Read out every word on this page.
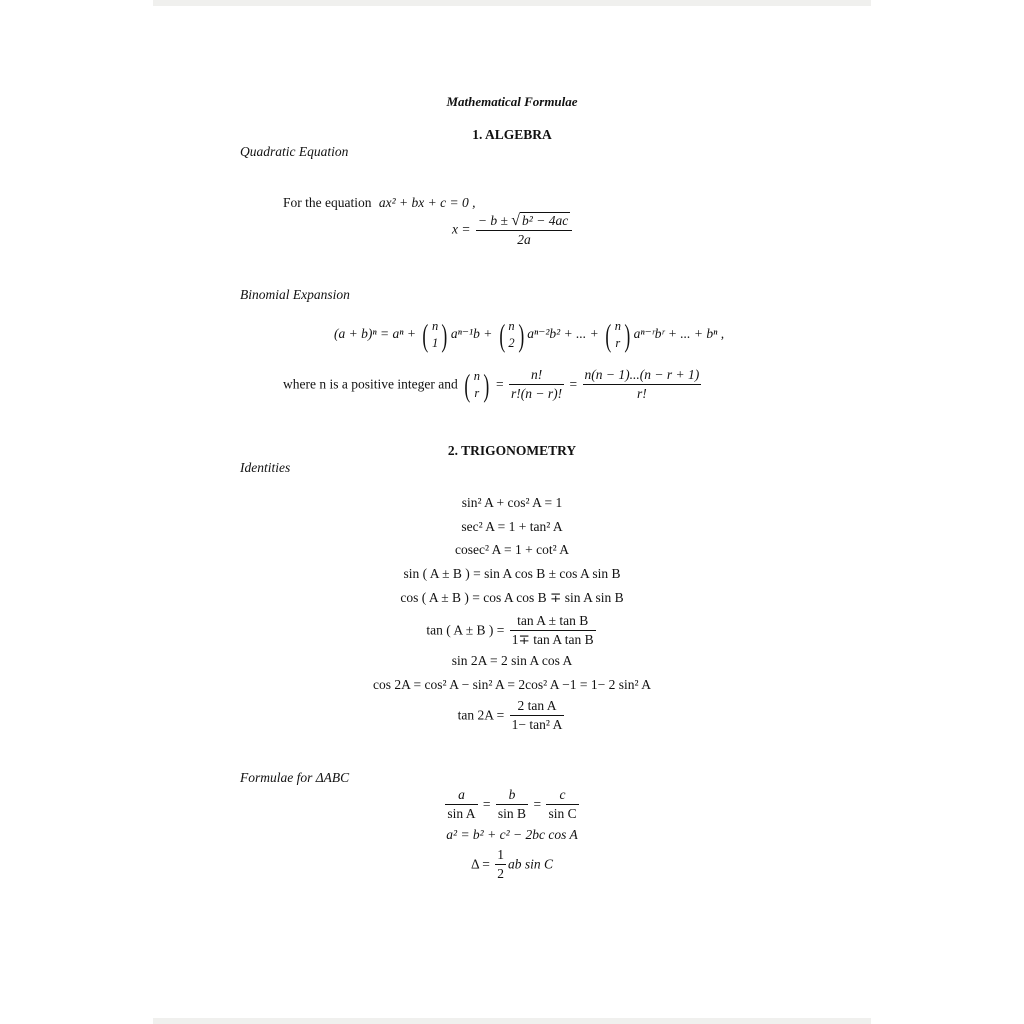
Mathematical Formulae
1. ALGEBRA
Quadratic Equation
For the equation ax² + bx + c = 0 ,
$x = \frac{\text{− b ± √ b² − 4ac}}{2a}$
Binomial Expansion
(a + b)ⁿ = aⁿ + ( n
1 ) aⁿ⁻¹b + ( n
2 ) aⁿ⁻²b² + ... + ( n
r ) aⁿ⁻ʳbʳ + ... + bⁿ ,
where n is a positive integer and ( n
r ) = $\frac{n!}{r!(n - r)!} = \frac{n(n - 1)...(n - r + 1)}{r!}$
2. TRIGONOMETRY
Identities
sin² A + cos² A = 1
sec² A = 1 + tan² A
cosec² A = 1 + cot² A
sin ( A ± B ) = sin A cos B ± cos A sin B
cos ( A ± B ) = cos A cos B ∓ sin A sin B
tan ( A ± B ) = $\frac{\text{tan A ± tan B}}{\text{1∓ tan A tan B}}$
sin 2A = 2 sin A cos A
cos 2A = cos² A − sin² A = 2cos² A −1 = 1− 2 sin² A
$\tan 2A = \frac{\text{2 tan A}}{\text{1− tan² A}}$
Formulae for ΔABC
$\frac{a}{\text{sin A}} = \frac{b}{\text{sin B}} = \frac{c}{\text{sin C}}$
a² = b² + c² − 2bc cos A
$\Delta = \frac{1}{2}$ ab sin C
